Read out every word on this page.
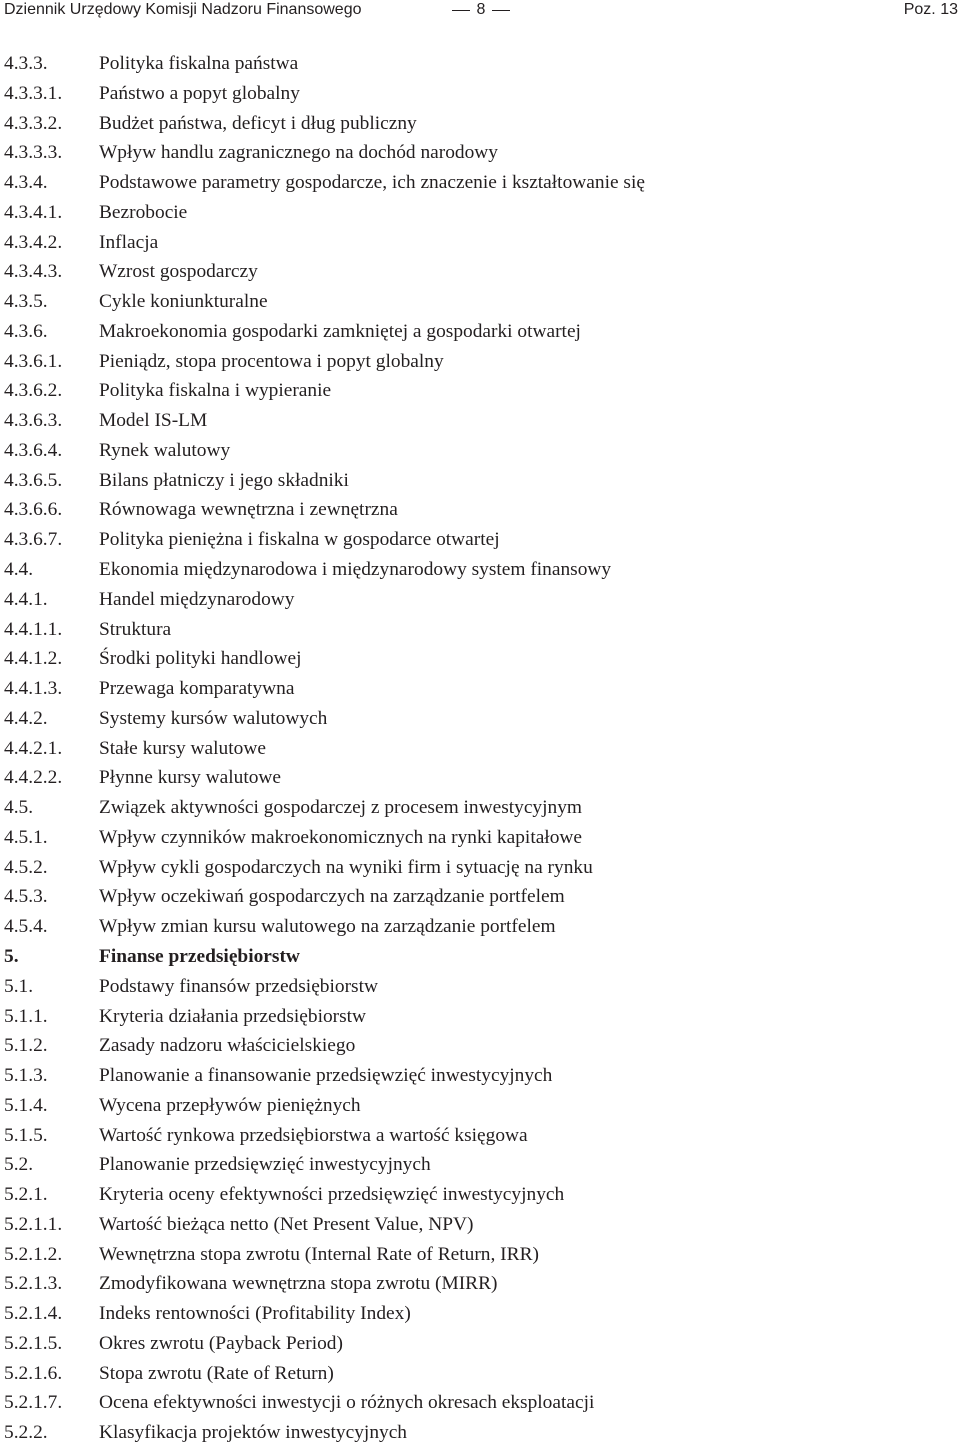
Dziennik Urzędowy Komisji Nadzoru Finansowego	8	Poz. 13
4.3.3.	Polityka fiskalna państwa
4.3.3.1. Państwo a popyt globalny
4.3.3.2. Budżet państwa, deficyt i dług publiczny
4.3.3.3. Wpływ handlu zagranicznego na dochód narodowy
4.3.4.	Podstawowe parametry gospodarcze, ich znaczenie i kształtowanie się
4.3.4.1. Bezrobocie
4.3.4.2. Inflacja
4.3.4.3. Wzrost gospodarczy
4.3.5.	Cykle koniunkturalne
4.3.6.	Makroekonomia gospodarki zamkniętej a gospodarki otwartej
4.3.6.1. Pieniądz, stopa procentowa i popyt globalny
4.3.6.2. Polityka fiskalna i wypieranie
4.3.6.3. Model IS-LM
4.3.6.4. Rynek walutowy
4.3.6.5. Bilans płatniczy i jego składniki
4.3.6.6. Równowaga wewnętrzna i zewnętrzna
4.3.6.7. Polityka pieniężna i fiskalna w gospodarce otwartej
4.4.	Ekonomia międzynarodowa i międzynarodowy system finansowy
4.4.1.	Handel międzynarodowy
4.4.1.1. Struktura
4.4.1.2. Środki polityki handlowej
4.4.1.3. Przewaga komparatywna
4.4.2.	Systemy kursów walutowych
4.4.2.1. Stałe kursy walutowe
4.4.2.2. Płynne kursy walutowe
4.5.	Związek aktywności gospodarczej z procesem inwestycyjnym
4.5.1.	Wpływ czynników makroekonomicznych na rynki kapitałowe
4.5.2.	Wpływ cykli gospodarczych na wyniki firm i sytuację na rynku
4.5.3.	Wpływ oczekiwań gospodarczych na zarządzanie portfelem
4.5.4.	Wpływ zmian kursu walutowego na zarządzanie portfelem
5.	Finanse przedsiębiorstw
5.1.	Podstawy finansów przedsiębiorstw
5.1.1.	Kryteria działania przedsiębiorstw
5.1.2.	Zasady nadzoru właścicielskiego
5.1.3.	Planowanie a finansowanie przedsięwzięć inwestycyjnych
5.1.4.	Wycena przepływów pieniężnych
5.1.5.	Wartość rynkowa przedsiębiorstwa a wartość księgowa
5.2.	Planowanie przedsięwzięć inwestycyjnych
5.2.1.	Kryteria oceny efektywności przedsięwzięć inwestycyjnych
5.2.1.1. Wartość bieżąca netto (Net Present Value, NPV)
5.2.1.2. Wewnętrzna stopa zwrotu (Internal Rate of Return, IRR)
5.2.1.3. Zmodyfikowana wewnętrzna stopa zwrotu (MIRR)
5.2.1.4. Indeks rentowności (Profitability Index)
5.2.1.5. Okres zwrotu (Payback Period)
5.2.1.6. Stopa zwrotu (Rate of Return)
5.2.1.7. Ocena efektywności inwestycji o różnych okresach eksploatacji
5.2.2.	Klasyfikacja projektów inwestycyjnych
